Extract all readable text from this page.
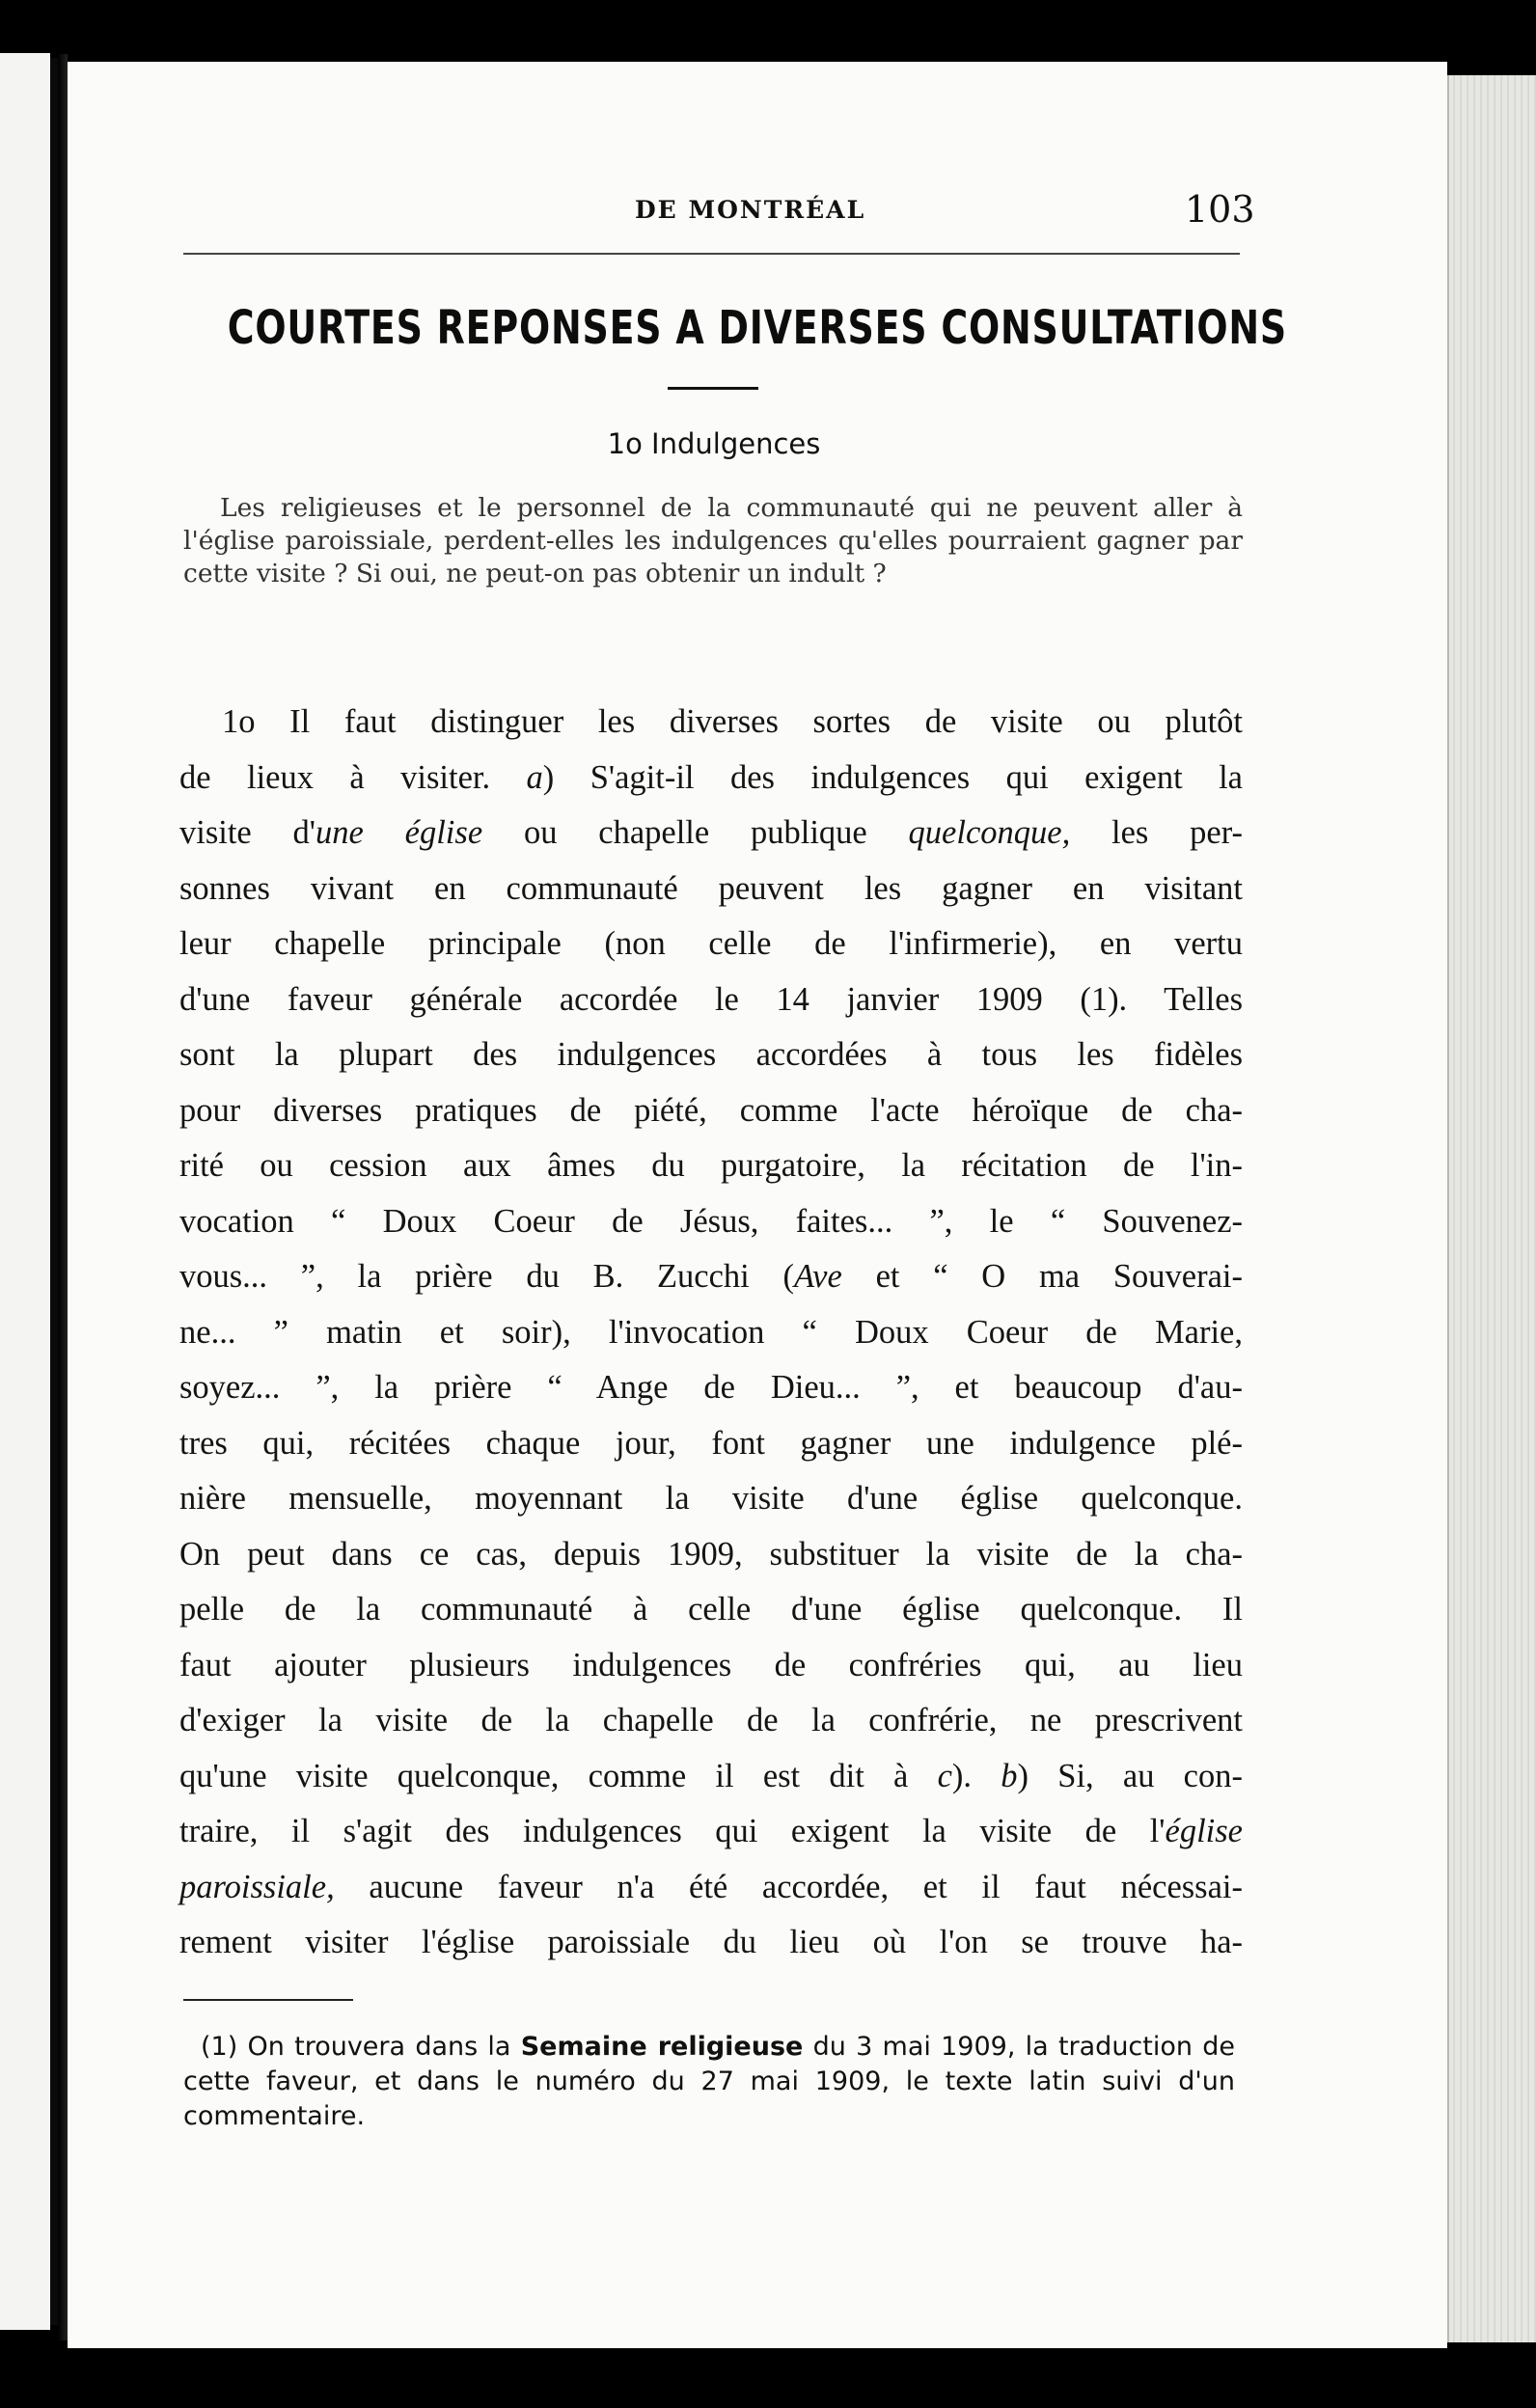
DE MONTRÉAL	103
COURTES REPONSES A DIVERSES CONSULTATIONS
1o Indulgences
Les religieuses et le personnel de la communauté qui ne peuvent aller à l'église paroissiale, perdent-elles les indulgences qu'elles pourraient gagner par cette visite ? Si oui, ne peut-on pas obtenir un indult ?
1o Il faut distinguer les diverses sortes de visite ou plutôt
de lieux à visiter. a) S'agit-il des indulgences qui exigent la
visite d'une église ou chapelle publique quelconque, les per-
sonnes vivant en communauté peuvent les gagner en visitant
leur chapelle principale (non celle de l'infirmerie), en vertu
d'une faveur générale accordée le 14 janvier 1909 (1). Telles
sont la plupart des indulgences accordées à tous les fidèles
pour diverses pratiques de piété, comme l'acte héroïque de cha-
rité ou cession aux âmes du purgatoire, la récitation de l'in-
vocation “ Doux Coeur de Jésus, faites... ”, le “ Souvenez-
vous... ”, la prière du B. Zucchi (Ave et “ O ma Souverai-
ne... ” matin et soir), l'invocation “ Doux Coeur de Marie,
soyez... ”, la prière “ Ange de Dieu... ”, et beaucoup d'au-
tres qui, récitées chaque jour, font gagner une indulgence plé-
nière mensuelle, moyennant la visite d'une église quelconque.
On peut dans ce cas, depuis 1909, substituer la visite de la cha-
pelle de la communauté à celle d'une église quelconque. Il
faut ajouter plusieurs indulgences de confréries qui, au lieu
d'exiger la visite de la chapelle de la confrérie, ne prescrivent
qu'une visite quelconque, comme il est dit à c). b) Si, au con-
traire, il s'agit des indulgences qui exigent la visite de l'église
paroissiale, aucune faveur n'a été accordée, et il faut nécessai-
rement visiter l'église paroissiale du lieu où l'on se trouve ha-
(1) On trouvera dans la Semaine religieuse du 3 mai 1909, la traduction de cette faveur, et dans le numéro du 27 mai 1909, le texte latin suivi d'un commentaire.
